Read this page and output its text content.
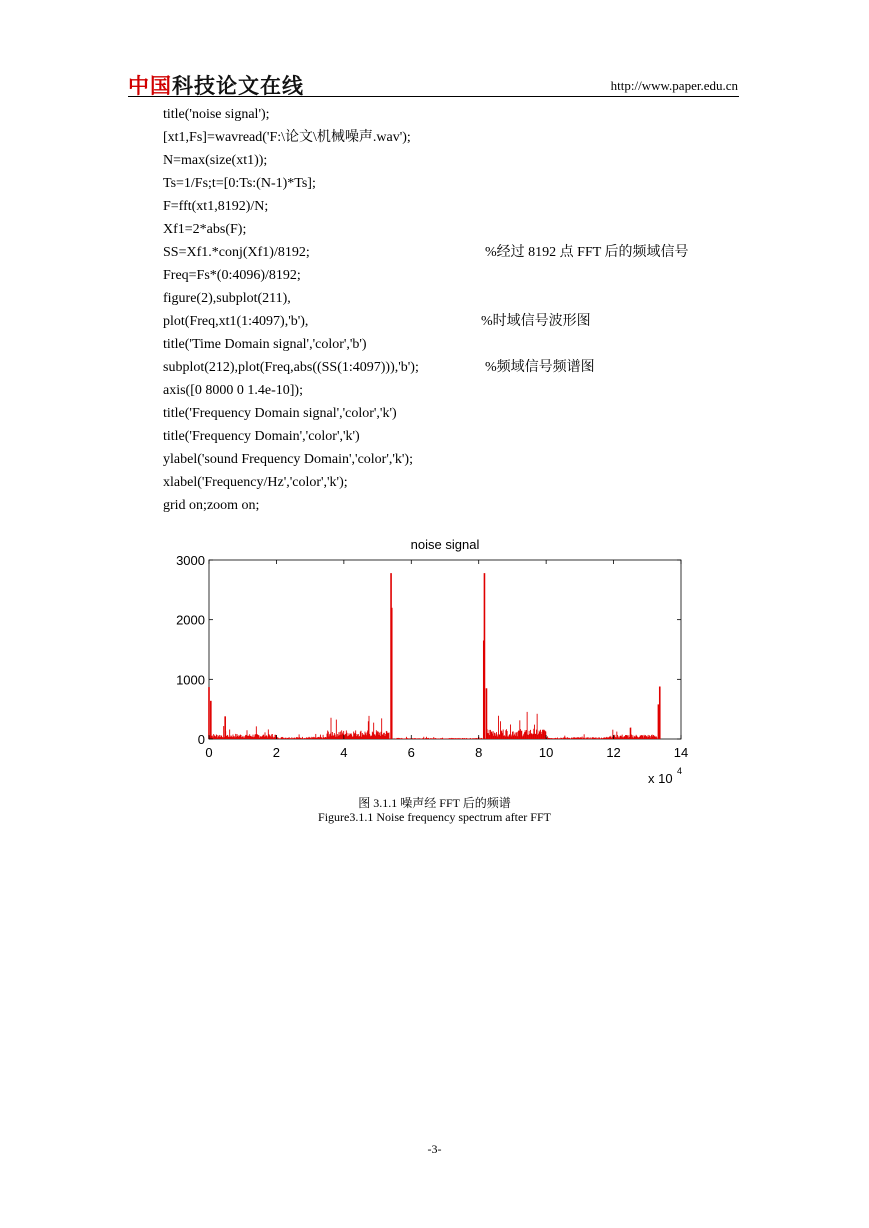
中国科技论文在线	http://www.paper.edu.cn
title('noise signal');
[xt1,Fs]=wavread('F:\论文\机械噪声.wav');
N=max(size(xt1));
Ts=1/Fs;t=[0:Ts:(N-1)*Ts];
F=fft(xt1,8192)/N;
Xf1=2*abs(F);
SS=Xf1.*conj(Xf1)/8192;	%经过 8192 点 FFT 后的频域信号
Freq=Fs*(0:4096)/8192;
figure(2),subplot(211),
plot(Freq,xt1(1:4097),'b'),	%时域信号波形图
title('Time Domain signal','color','b')
subplot(212),plot(Freq,abs((SS(1:4097))),'b');	%频域信号频谱图
axis([0 8000 0 1.4e-10]);
title('Frequency Domain signal','color','k')
title('Frequency Domain','color','k')
ylabel('sound Frequency Domain','color','k');
xlabel('Frequency/Hz','color','k');
grid on;zoom on;
0	2	4	6	8	10	12	14
0
1000
2000
3000
noise signal
x 10 4
图 3.1.1 噪声经 FFT 后的频谱
Figure3.1.1 Noise frequency spectrum after FFT
-3-
